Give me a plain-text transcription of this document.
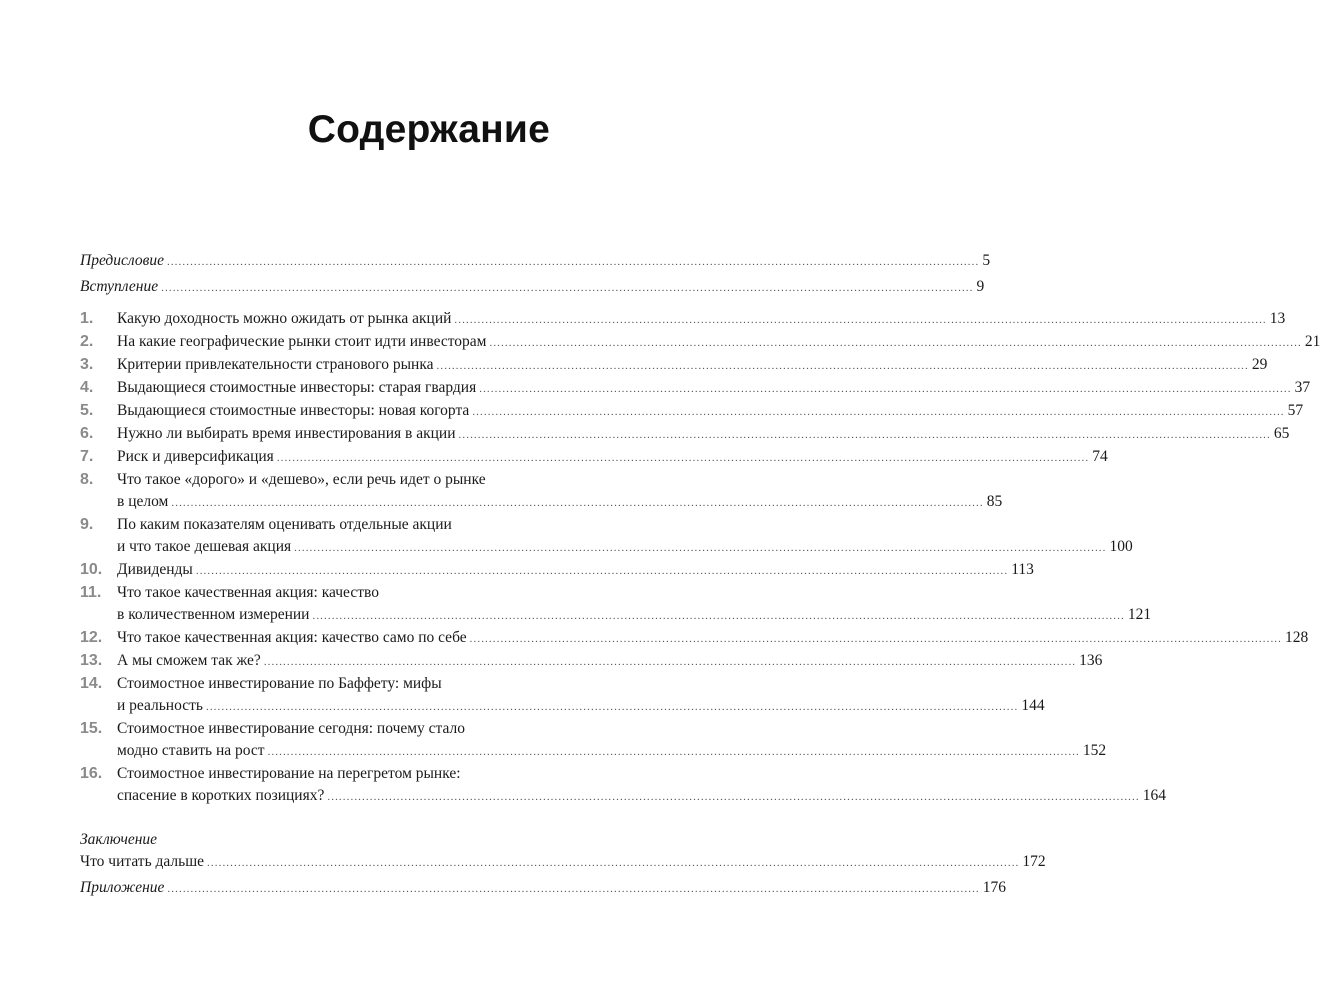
Содержание
Предисловие .....	5
Вступление .....	9
1.	Какую доходность можно ожидать от рынка акций .....	13
2.	На какие географические рынки стоит идти инвесторам .....	21
3.	Критерии привлекательности странового рынка .....	29
4.	Выдающиеся стоимостные инвесторы: старая гвардия .....	37
5.	Выдающиеся стоимостные инвесторы: новая когорта .....	57
6.	Нужно ли выбирать время инвестирования в акции .....	65
7.	Риск и диверсификация .....	74
8.	Что такое «дорого» и «дешево», если речь идет о рынке
в целом .....	85
9.	По каким показателям оценивать отдельные акции
и что такое дешевая акция .....	100
10. Дивиденды .....	113
11.	Что такое качественная акция: качество
в количественном измерении .....	121
12. Что такое качественная акция: качество само по себе .....	128
13. А мы сможем так же? .....	136
14. Стоимостное инвестирование по Баффету: мифы
и реальность .....	144
15. Стоимостное инвестирование сегодня: почему стало
модно ставить на рост .....	152
16. Стоимостное инвестирование на перегретом рынке:
спасение в коротких позициях? .....	164
Заключение
Что читать дальше .....	172
Приложение .....	176
